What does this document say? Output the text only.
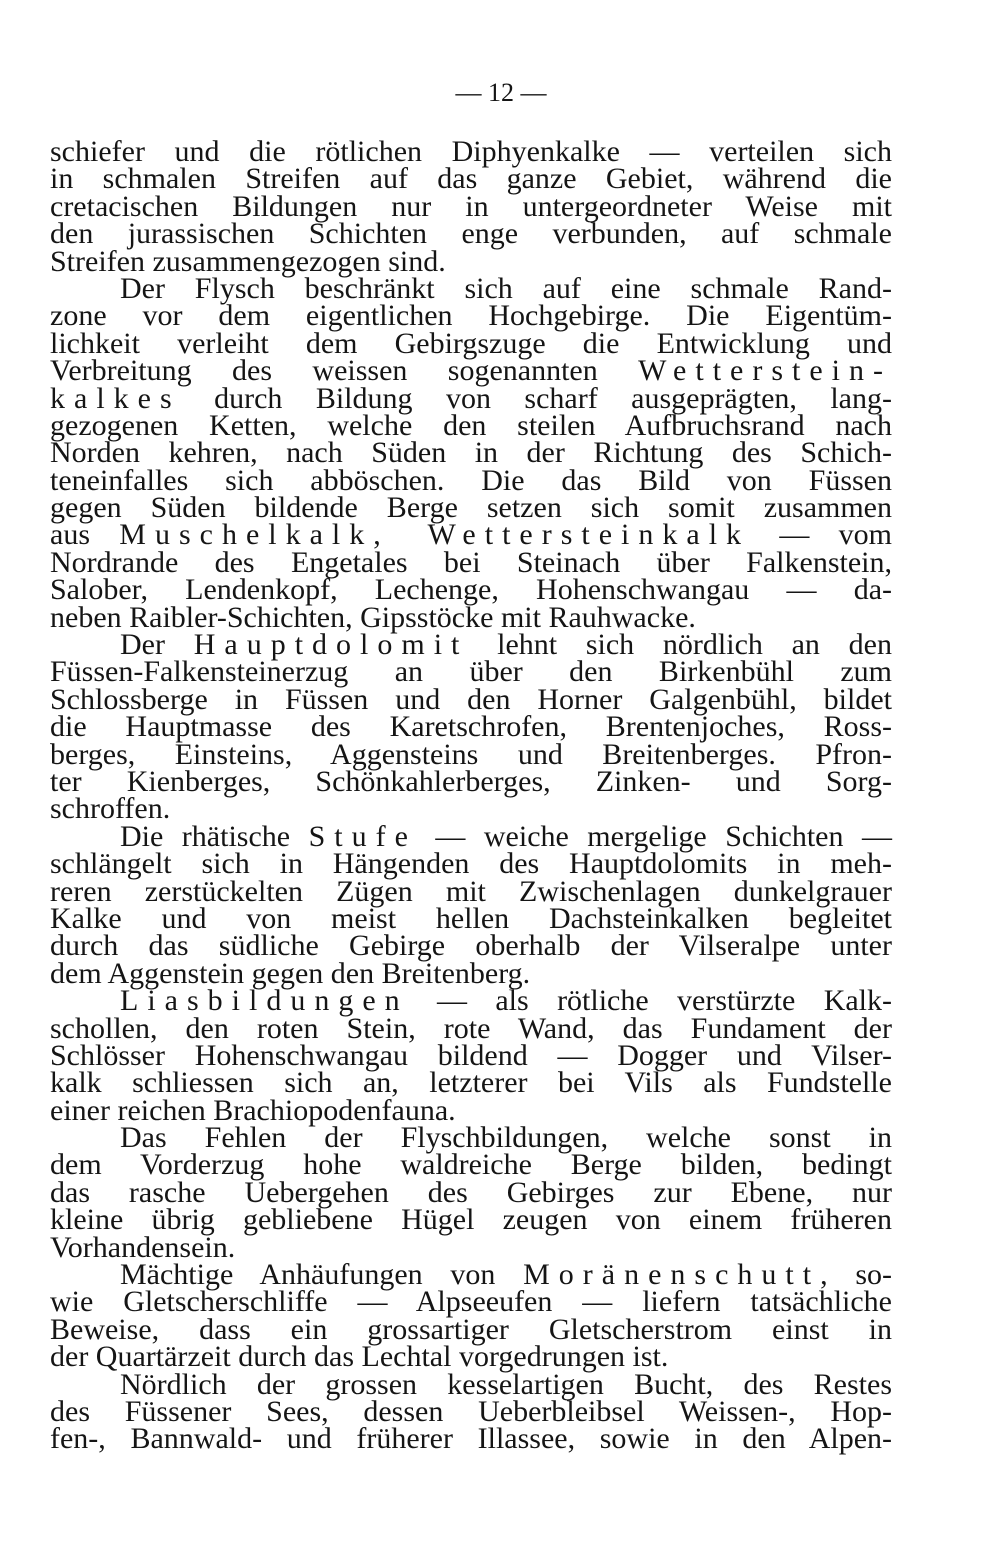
— 12 —
schiefer und die rötlichen Diphyenkalke — verteilen sich
in schmalen Streifen auf das ganze Gebiet, während die
cretacischen Bildungen nur in untergeordneter Weise mit
den jurassischen Schichten enge verbunden, auf schmale
Streifen zusammengezogen sind.
Der Flysch beschränkt sich auf eine schmale Rand-
zone vor dem eigentlichen Hochgebirge. Die Eigentüm-
lichkeit verleiht dem Gebirgszuge die Entwicklung und
Verbreitung des weissen sogenannten Wetterstein-
kalkes durch Bildung von scharf ausgeprägten, lang-
gezogenen Ketten, welche den steilen Aufbruchsrand nach
Norden kehren, nach Süden in der Richtung des Schich-
teneinfalles sich abböschen. Die das Bild von Füssen
gegen Süden bildende Berge setzen sich somit zusammen
aus Muschelkalk, Wettersteinkalk — vom
Nordrande des Engetales bei Steinach über Falkenstein,
Salober, Lendenkopf, Lechenge, Hohenschwangau — da-
neben Raibler-Schichten, Gipsstöcke mit Rauhwacke.
Der Hauptdolomit lehnt sich nördlich an den
Füssen-Falkensteinerzug an über den Birkenbühl zum
Schlossberge in Füssen und den Horner Galgenbühl, bildet
die Hauptmasse des Karetschrofen, Brentenjoches, Ross-
berges, Einsteins, Aggensteins und Breitenberges. Pfron-
ter Kienberges, Schönkahlerberges, Zinken- und Sorg-
schroffen.
Die rhätische Stufe — weiche mergelige Schichten —
schlängelt sich in Hängenden des Hauptdolomits in meh-
reren zerstückelten Zügen mit Zwischenlagen dunkelgrauer
Kalke und von meist hellen Dachsteinkalken begleitet
durch das südliche Gebirge oberhalb der Vilseralpe unter
dem Aggenstein gegen den Breitenberg.
Liasbildungen — als rötliche verstürzte Kalk-
schollen, den roten Stein, rote Wand, das Fundament der
Schlösser Hohenschwangau bildend — Dogger und Vilser-
kalk schliessen sich an, letzterer bei Vils als Fundstelle
einer reichen Brachiopodenfauna.
Das Fehlen der Flyschbildungen, welche sonst in
dem Vorderzug hohe waldreiche Berge bilden, bedingt
das rasche Uebergehen des Gebirges zur Ebene, nur
kleine übrig gebliebene Hügel zeugen von einem früheren
Vorhandensein.
Mächtige Anhäufungen von Moränenschutt, so-
wie Gletscherschliffe — Alpseeufen — liefern tatsächliche
Beweise, dass ein grossartiger Gletscherstrom einst in
der Quartärzeit durch das Lechtal vorgedrungen ist.
Nördlich der grossen kesselartigen Bucht, des Restes
des Füssener Sees, dessen Ueberbleibsel Weissen-, Hop-
fen-, Bannwald- und früherer Illassee, sowie in den Alpen-
